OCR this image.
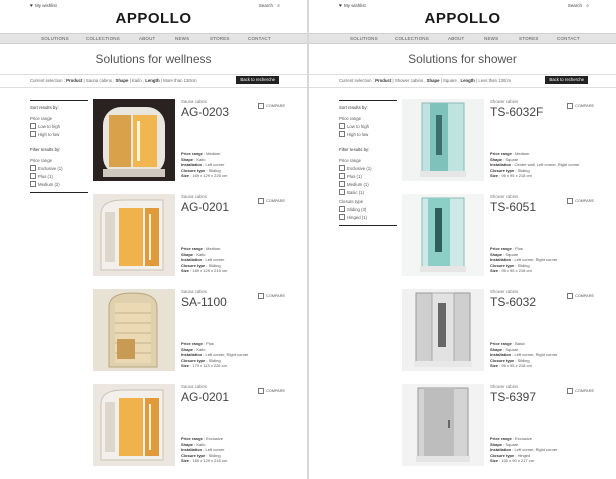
♥ My wishlist	Search ⌕
APPOLLO
SOLUTIONS	COLLECTIONS	ABOUT	NEWS	STORES	CONTACT
Solutions for wellness
Current selection : Product | Sauna cabins , Shape | Kaifo , Length | More than 130cm	Back to recherche
Sort results by:
Price range
Low to high
High to low
Filter results by:
Price range
Exclusive (1)
Plus (1)
Medium (2)
Sauna cabins
AG-0203	COMPARE
Price range : Medium
Shape : Kaifo
Installation : Left corner
Closure type : Sliding
Size : 169 x 129 x 226 cm
Sauna cabins
AG-0201	COMPARE
Price range : Medium
Shape : Kaifo
Installation : Left corner
Closure type : Sliding
Size : 169 x 129 x 215 cm
Sauna cabins
SA-1100	COMPARE
Price range : Plus
Shape : Kaifo
Installation : Left corner, Right corner
Closure type : Sliding
Size : 170 x 113 x 226 cm
Sauna cabins
AG-0201	COMPARE
Price range : Exclusive
Shape : Kaifo
Installation : Left corner
Closure type : Sliding
Size : 169 x 129 x 215 cm
♥ My wishlist	Search ⌕
APPOLLO
SOLUTIONS	COLLECTIONS	ABOUT	NEWS	STORES	CONTACT
Solutions for shower
Current selection : Product | Shower cabins , Shape | Square , Length | Less than 130cm	Back to recherche
Sort results by:
Price range
Low to high
High to low
Filter results by:
Price range
Exclusive (1)
Plus (1)
Medium (1)
Basic (1)
Closure type
Sliding (3)
Hinged (1)
Shower cabins
TS-6032F	COMPARE
Price range : Medium
Shape : Square
Installation : Centre wall, Left corner, Right corner
Closure type : Sliding
Size : 95 x 95 x 218 cm
Shower cabins
TS-6051	COMPARE
Price range : Plus
Shape : Square
Installation : Left corner, Right corner
Closure type : Sliding
Size : 95 x 95 x 218 cm
Shower cabins
TS-6032	COMPARE
Price range : Basic
Shape : Square
Installation : Left corner, Right corner
Closure type : Sliding
Size : 95 x 95 x 218 cm
Shower cabins
TS-6397	COMPARE
Price range : Exclusive
Shape : Square
Installation : Left corner, Right corner
Closure type : Hinged
Size : 100 x 90 x 217 cm
